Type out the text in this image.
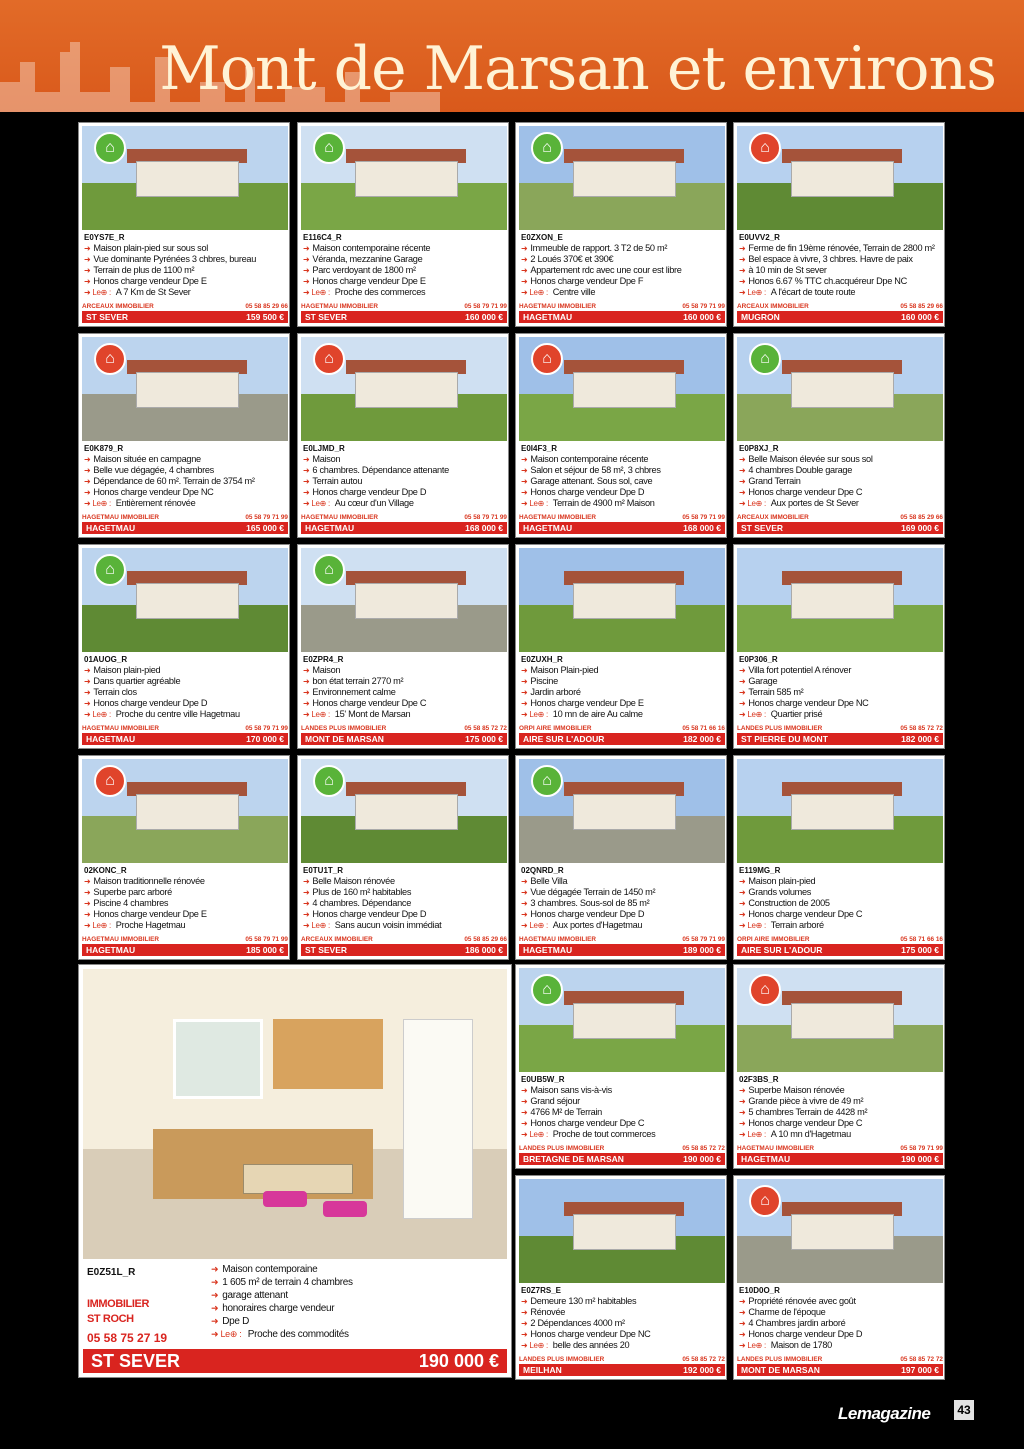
Mont de Marsan et environs
⌂
E0YS7E_R
➜ Maison plain-pied sur sous sol
➜ Vue dominante Pyrénées 3 chbres, bureau
➜ Terrain de plus de 1100 m²
➜ Honos charge vendeur Dpe E
➜ Le⊕ : A 7 Km de St Sever
ARCEAUX IMMOBILIER	05 58 85 29 66
ST SEVER	159 500 €
⌂
E116C4_R
➜ Maison contemporaine récente
➜ Véranda, mezzanine Garage
➜ Parc verdoyant de 1800 m²
➜ Honos charge vendeur Dpe E
➜ Le⊕ : Proche des commerces
HAGETMAU IMMOBILIER	05 58 79 71 99
ST SEVER	160 000 €
⌂
E0ZXON_E
➜ Immeuble de rapport. 3 T2 de 50 m²
➜ 2 Loués 370€ et 390€
➜ Appartement rdc avec une cour est libre
➜ Honos charge vendeur Dpe F
➜ Le⊕ : Centre ville
HAGETMAU IMMOBILIER	05 58 79 71 99
HAGETMAU	160 000 €
⌂
E0UVV2_R
➜ Ferme de fin 19ème rénovée, Terrain de 2800 m²
➜ Bel espace à vivre, 3 chbres. Havre de paix
➜ à 10 min de St sever
➜ Honos 6.67 % TTC ch.acquéreur Dpe NC
➜ Le⊕ : A l'écart de toute route
ARCEAUX IMMOBILIER	05 58 85 29 66
MUGRON	160 000 €
⌂
E0K879_R
➜ Maison située en campagne
➜ Belle vue dégagée, 4 chambres
➜ Dépendance de 60 m². Terrain de 3754 m²
➜ Honos charge vendeur Dpe NC
➜ Le⊕ : Entièrement rénovée
HAGETMAU IMMOBILIER	05 58 79 71 99
HAGETMAU	165 000 €
⌂
E0LJMD_R
➜ Maison
➜ 6 chambres. Dépendance attenante
➜ Terrain autou
➜ Honos charge vendeur Dpe D
➜ Le⊕ : Au cœur d'un Village
HAGETMAU IMMOBILIER	05 58 79 71 99
HAGETMAU	168 000 €
⌂
E0I4F3_R
➜ Maison contemporaine récente
➜ Salon et séjour de 58 m², 3 chbres
➜ Garage attenant. Sous sol, cave
➜ Honos charge vendeur Dpe D
➜ Le⊕ : Terrain de 4900 m² Maison
HAGETMAU IMMOBILIER	05 58 79 71 99
HAGETMAU	168 000 €
⌂
E0P8XJ_R
➜ Belle Maison élevée sur sous sol
➜ 4 chambres Double garage
➜ Grand Terrain
➜ Honos charge vendeur Dpe C
➜ Le⊕ : Aux portes de St Sever
ARCEAUX IMMOBILIER	05 58 85 29 66
ST SEVER	169 000 €
⌂
01AUOG_R
➜ Maison plain-pied
➜ Dans quartier agréable
➜ Terrain clos
➜ Honos charge vendeur Dpe D
➜ Le⊕ : Proche du centre ville Hagetmau
HAGETMAU IMMOBILIER	05 58 79 71 99
HAGETMAU	170 000 €
⌂
E0ZPR4_R
➜ Maison
➜ bon état terrain 2770 m²
➜ Environnement calme
➜ Honos charge vendeur Dpe C
➜ Le⊕ : 15' Mont de Marsan
LANDES PLUS IMMOBILIER	05 58 85 72 72
MONT DE MARSAN	175 000 €
E0ZUXH_R
➜ Maison Plain-pied
➜ Piscine
➜ Jardin arboré
➜ Honos charge vendeur Dpe E
➜ Le⊕ : 10 mn de aire Au calme
ORPI AIRE IMMOBILIER	05 58 71 66 16
AIRE SUR L'ADOUR	182 000 €
E0P306_R
➜ Villa fort potentiel A rénover
➜ Garage
➜ Terrain 585 m²
➜ Honos charge vendeur Dpe NC
➜ Le⊕ : Quartier prisé
LANDES PLUS IMMOBILIER	05 58 85 72 72
ST PIERRE DU MONT	182 000 €
⌂
02KONC_R
➜ Maison traditionnelle rénovée
➜ Superbe parc arboré
➜ Piscine 4 chambres
➜ Honos charge vendeur Dpe E
➜ Le⊕ : Proche Hagetmau
HAGETMAU IMMOBILIER	05 58 79 71 99
HAGETMAU	185 000 €
⌂
E0TU1T_R
➜ Belle Maison rénovée
➜ Plus de 160 m² habitables
➜ 4 chambres. Dépendance
➜ Honos charge vendeur Dpe D
➜ Le⊕ : Sans aucun voisin immédiat
ARCEAUX IMMOBILIER	05 58 85 29 66
ST SEVER	186 000 €
⌂
02QNRD_R
➜ Belle Villa
➜ Vue dégagée Terrain de 1450 m²
➜ 3 chambres. Sous-sol de 85 m²
➜ Honos charge vendeur Dpe D
➜ Le⊕ : Aux portes d'Hagetmau
HAGETMAU IMMOBILIER	05 58 79 71 99
HAGETMAU	189 000 €
E119MG_R
➜ Maison plain-pied
➜ Grands volumes
➜ Construction de 2005
➜ Honos charge vendeur Dpe C
➜ Le⊕ : Terrain arboré
ORPI AIRE IMMOBILIER	05 58 71 66 16
AIRE SUR L'ADOUR	175 000 €
⌂
E0UB5W_R
➜ Maison sans vis-à-vis
➜ Grand séjour
➜ 4766 M² de Terrain
➜ Honos charge vendeur Dpe C
➜ Le⊕ : Proche de tout commerces
LANDES PLUS IMMOBILIER	05 58 85 72 72
BRETAGNE DE MARSAN	190 000 €
⌂
02F3BS_R
➜ Superbe Maison rénovée
➜ Grande pièce à vivre de 49 m²
➜ 5 chambres Terrain de 4428 m²
➜ Honos charge vendeur Dpe C
➜ Le⊕ : A 10 mn d'Hagetmau
HAGETMAU IMMOBILIER	05 58 79 71 99
HAGETMAU	190 000 €
E0Z7RS_E
➜ Demeure 130 m² habitables
➜ Rénovée
➜ 2 Dépendances 4000 m²
➜ Honos charge vendeur Dpe NC
➜ Le⊕ : belle des années 20
LANDES PLUS IMMOBILIER	05 58 85 72 72
MEILHAN	192 000 €
⌂
E10D0O_R
➜ Propriété rénovée avec goût
➜ Charme de l'époque
➜ 4 Chambres jardin arboré
➜ Honos charge vendeur Dpe D
➜ Le⊕ : Maison de 1780
LANDES PLUS IMMOBILIER	05 58 85 72 72
MONT DE MARSAN	197 000 €
E0Z51L_R
➜	Maison contemporaine
➜ 1 605 m² de terrain 4 chambres
➜ garage attenant
➜ honoraires charge vendeur
➜ Dpe D
➜ Le⊕ : Proche des commodités
IMMOBILIER
ST ROCH
05 58 75 27 19
ST SEVER	190 000 €
Lemagazine 43
